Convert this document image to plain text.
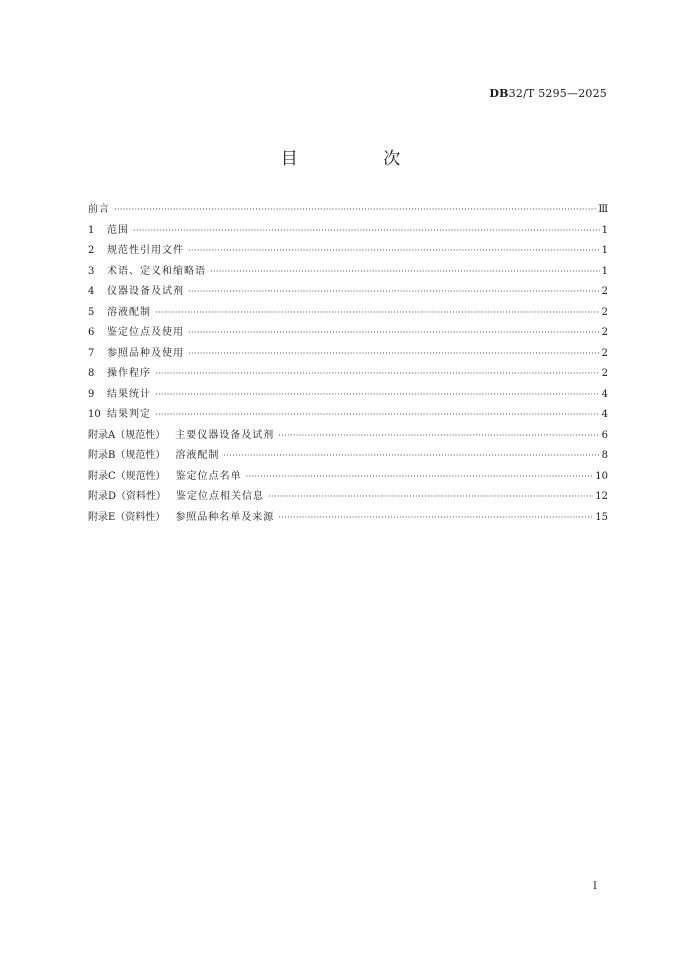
DB32/T 5295—2025
目 次
前言 ·····	Ⅲ
1	范围 ·····	1
2	规范性引用文件 ·····	1
3	术语、定义和缩略语 ·····	1
4	仪器设备及试剂 ·····	2
5	溶液配制 ·····	2
6	鉴定位点及使用 ·····	2
7	参照品种及使用 ·····	2
8	操作程序 ·····	2
9	结果统计 ·····	4
10 结果判定 ·····	4
附录A（规范性）	主要仪器设备及试剂 ·····	6
附录B（规范性）	溶液配制 ·····	8
附录C（规范性）	鉴定位点名单 ·····	10
附录D（资料性）	鉴定位点相关信息 ·····	12
附录E（资料性）	参照品种名单及来源 ·····	15
Ⅰ
